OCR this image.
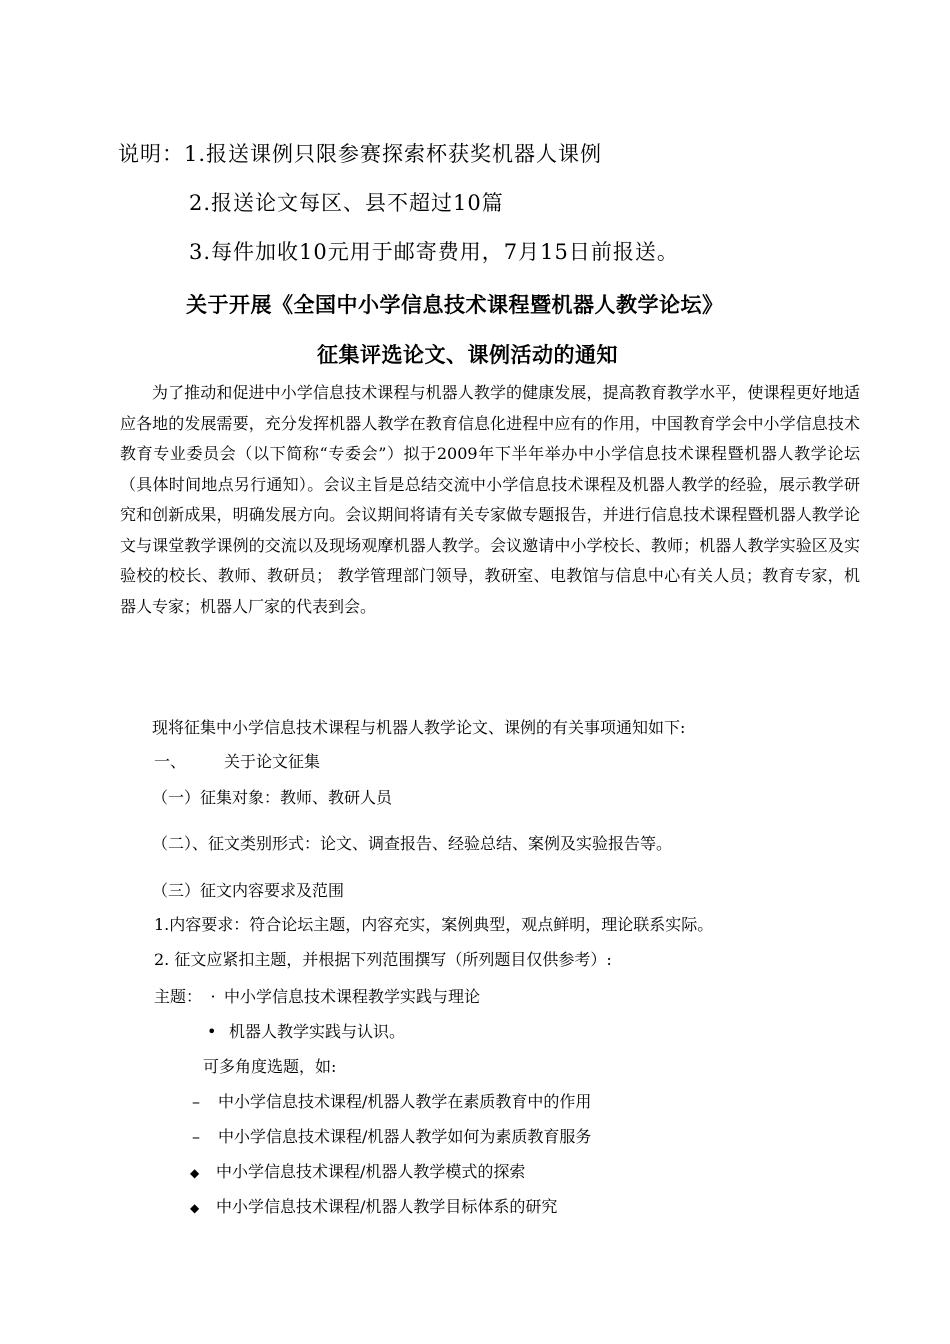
说明：1.报送课例只限参赛探索杯获奖机器人课例
2.报送论文每区、县不超过10篇
3.每件加收10元用于邮寄费用，7月15日前报送。
关于开展《全国中小学信息技术课程暨机器人教学论坛》
征集评选论文、课例活动的通知

为了推动和促进中小学信息技术课程与机器人教学的健康发展，提高教育教学水平，使课程更好地适应各地的发展需要，充分发挥机器人教学在教育信息化进程中应有的作用，中国教育学会中小学信息技术教育专业委员会（以下简称“专委会”）拟于2009年下半年举办中小学信息技术课程暨机器人教学论坛（具体时间地点另行通知）。会议主旨是总结交流中小学信息技术课程及机器人教学的经验，展示教学研究和创新成果，明确发展方向。会议期间将请有关专家做专题报告，并进行信息技术课程暨机器人教学论文与课堂教学课例的交流以及现场观摩机器人教学。会议邀请中小学校长、教师；机器人教学实验区及实验校的校长、教师、教研员； 教学管理部门领导，教研室、电教馆与信息中心有关人员；教育专家，机器人专家；机器人厂家的代表到会。

现将征集中小学信息技术课程与机器人教学论文、课例的有关事项通知如下:
一、 关于论文征集
（一）征集对象：教师、教研人员
（二）、征文类别形式：论文、调查报告、经验总结、案例及实验报告等。
（三）征文内容要求及范围
1.内容要求：符合论坛主题，内容充实，案例典型，观点鲜明，理论联系实际。
2. 征文应紧扣主题，并根据下列范围撰写（所列题目仅供参考）:
主题： · 中小学信息技术课程教学实践与理论
• 机器人教学实践与认识。
可多角度选题，如:
– 中小学信息技术课程/机器人教学在素质教育中的作用
– 中小学信息技术课程/机器人教学如何为素质教育服务
◆ 中小学信息技术课程/机器人教学模式的探索
◆ 中小学信息技术课程/机器人教学目标体系的研究
